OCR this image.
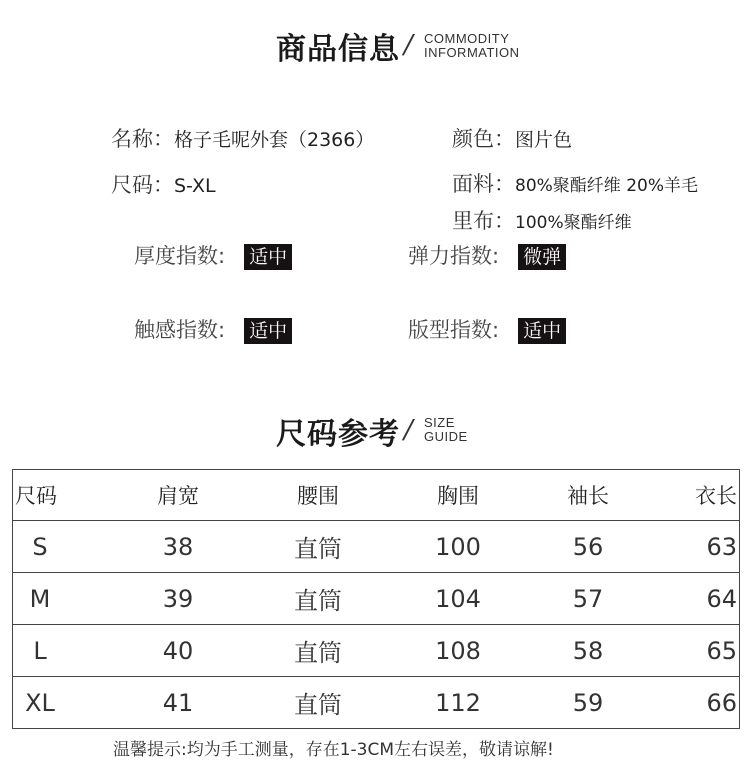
商品信息 / COMMODITY
INFORMATION
名称：格子毛呢外套（2366）	颜色：图片色
尺码：S-XL	面料：80%聚酯纤维 20%羊毛
里布：100%聚酯纤维
厚度指数: 适中	弹力指数: 微弹
触感指数: 适中	版型指数: 适中
尺码参考 / SIZE
GUIDE
尺码	肩宽	腰围	胸围	袖长	衣长
S	38	直筒	100	56	63
M	39	直筒	104	57	64
L	40	直筒	108	58	65
XL	41	直筒	112	59	66
温馨提示:均为手工测量，存在1-3CM左右误差，敬请谅解!
